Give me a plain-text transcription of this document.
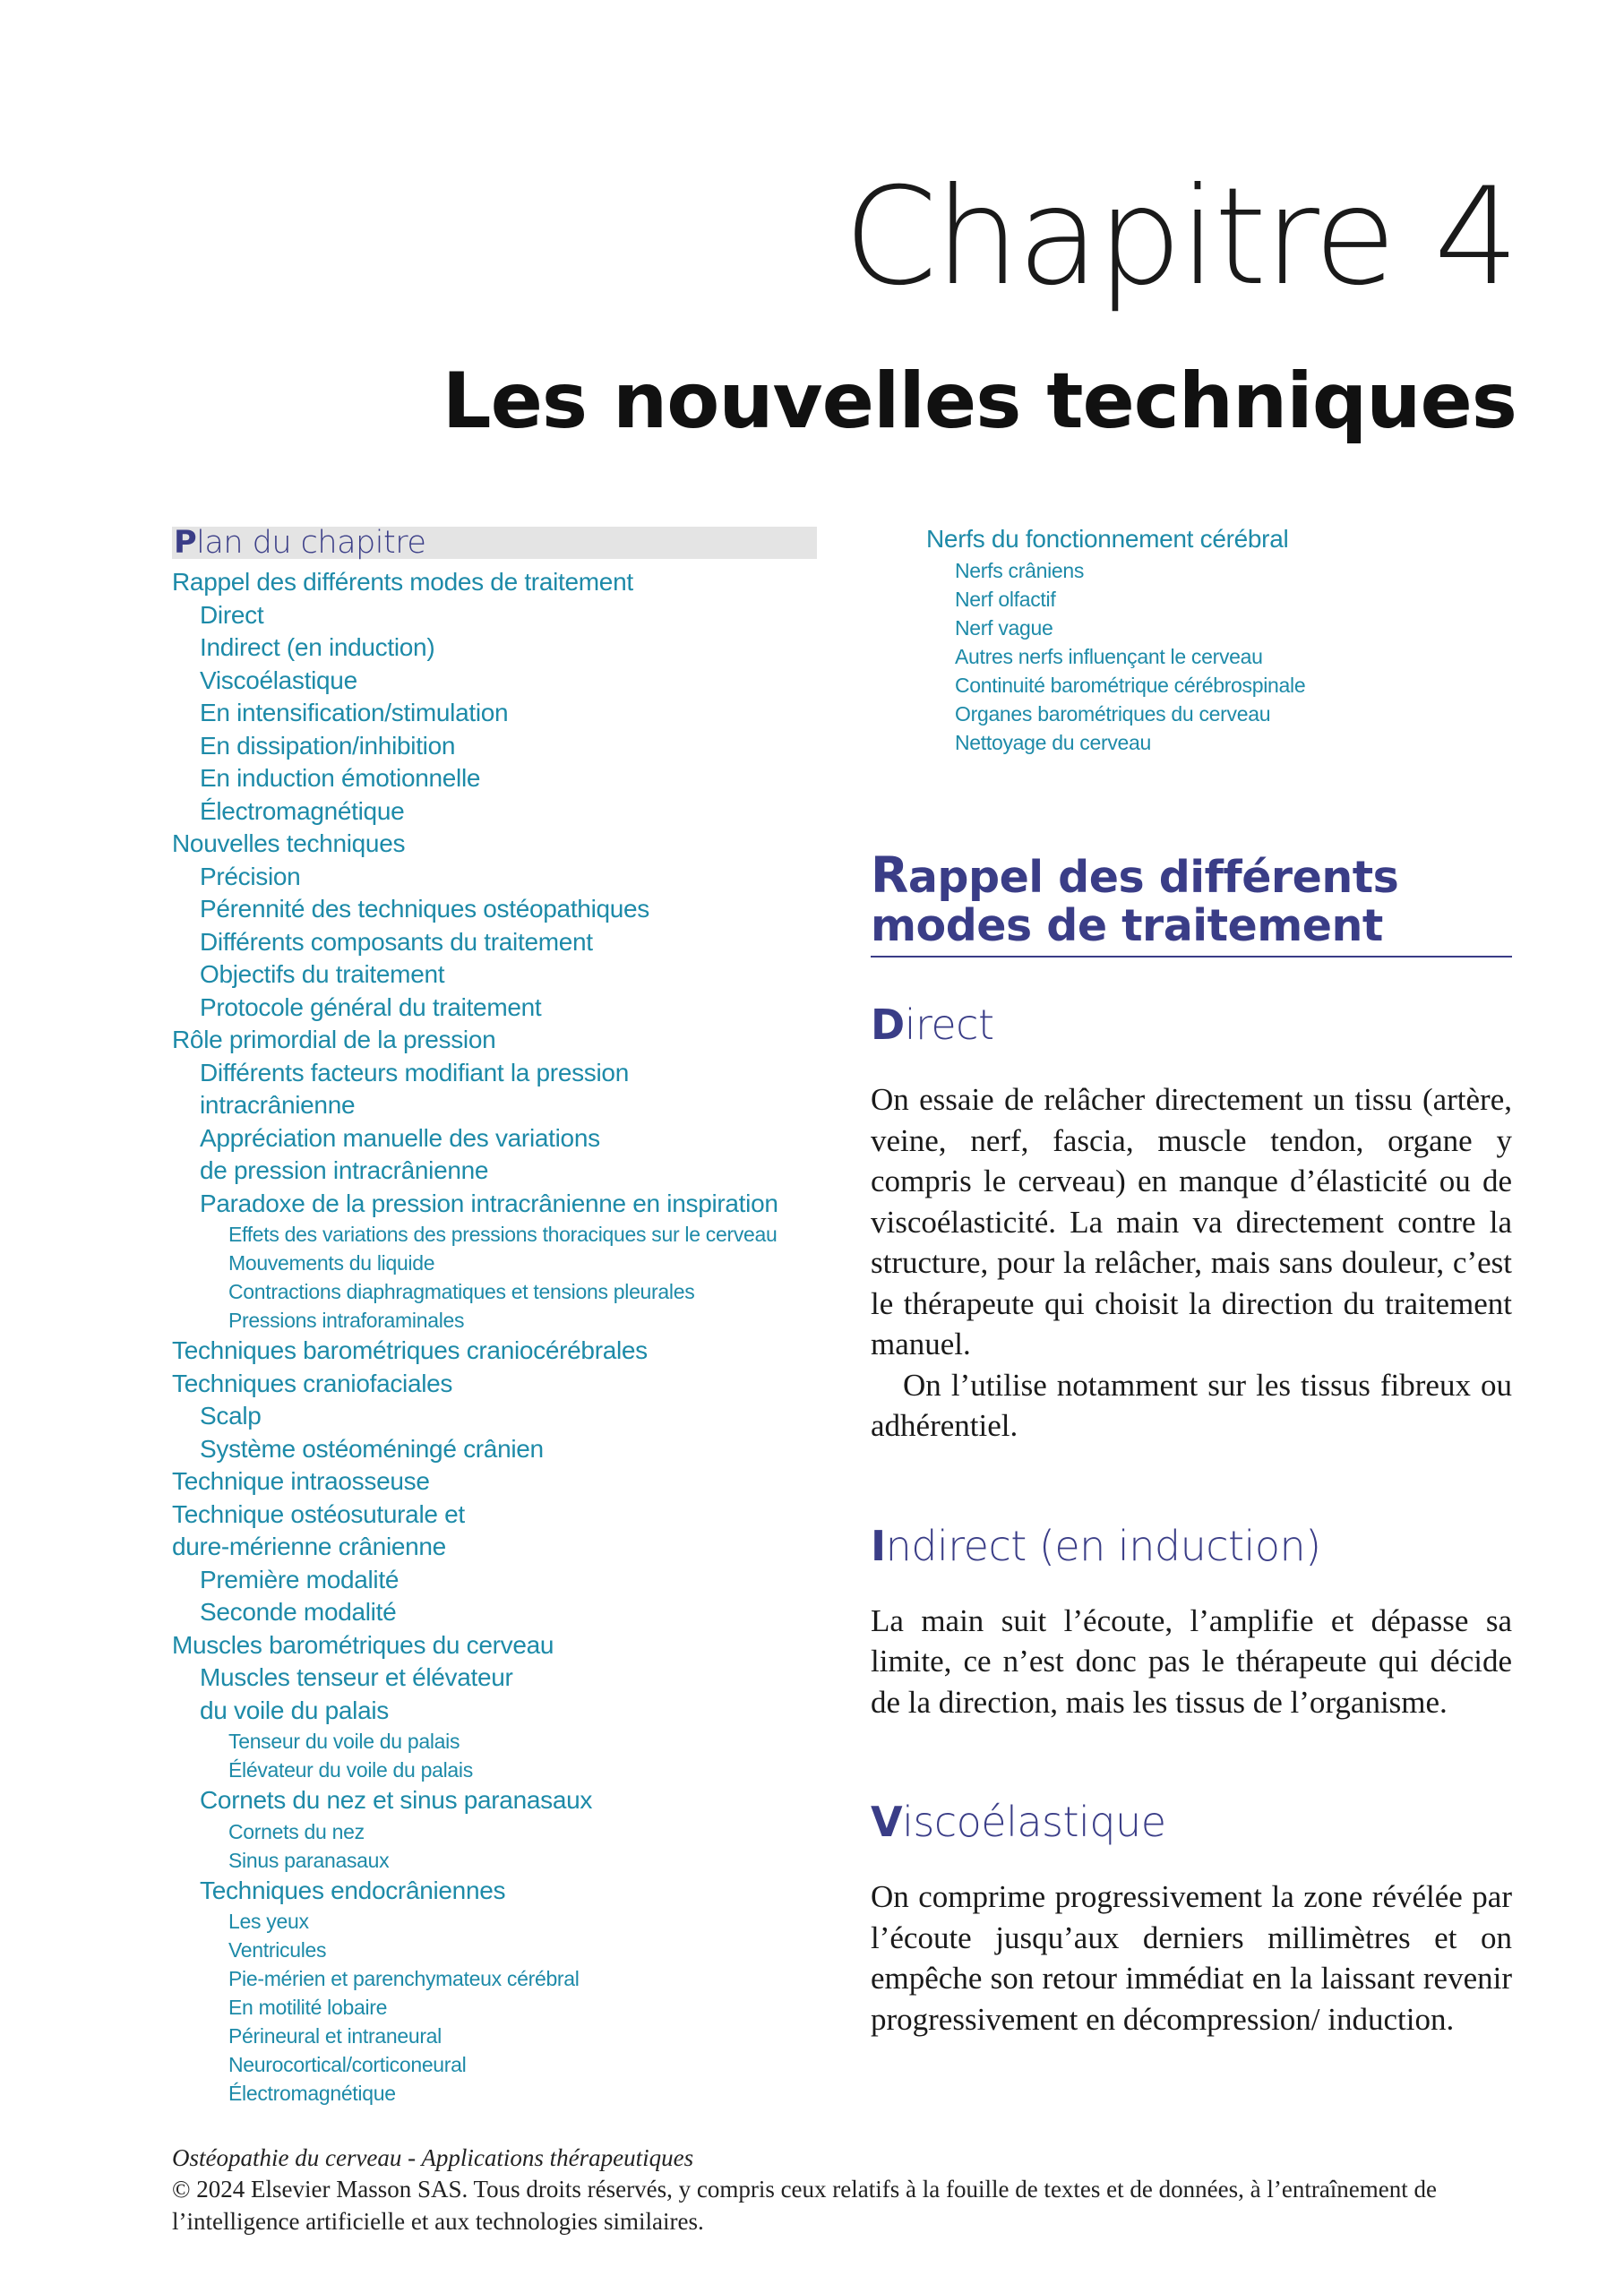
Chapitre 4
Les nouvelles techniques
Plan du chapitre
Rappel des différents modes de traitement
Direct
Indirect (en induction)
Viscoélastique
En intensification/stimulation
En dissipation/inhibition
En induction émotionnelle
Électromagnétique
Nouvelles techniques
Précision
Pérennité des techniques ostéopathiques
Différents composants du traitement
Objectifs du traitement
Protocole général du traitement
Rôle primordial de la pression
Différents facteurs modifiant la pression
intracrânienne
Appréciation manuelle des variations
de pression intracrânienne
Paradoxe de la pression intracrânienne en inspiration
Effets des variations des pressions thoraciques sur le cerveau
Mouvements du liquide
Contractions diaphragmatiques et tensions pleurales
Pressions intraforaminales
Techniques barométriques craniocérébrales
Techniques craniofaciales
Scalp
Système ostéoméningé crânien
Technique intraosseuse
Technique ostéosuturale et
dure-mérienne crânienne
Première modalité
Seconde modalité
Muscles barométriques du cerveau
Muscles tenseur et élévateur
du voile du palais
Tenseur du voile du palais
Élévateur du voile du palais
Cornets du nez et sinus paranasaux
Cornets du nez
Sinus paranasaux
Techniques endocrâniennes
Les yeux
Ventricules
Pie-mérien et parenchymateux cérébral
En motilité lobaire
Périneural et intraneural
Neurocortical/corticoneural
Électromagnétique
Nerfs du fonctionnement cérébral
Nerfs crâniens
Nerf olfactif
Nerf vague
Autres nerfs influençant le cerveau
Continuité barométrique cérébrospinale
Organes barométriques du cerveau
Nettoyage du cerveau
Rappel des différents
modes de traitement
Direct

On essaie de relâcher directement un tissu (artère, veine, nerf, fascia, muscle tendon, organe y compris le cerveau) en manque d’élasticité ou de viscoélasticité. La main va directement contre la structure, pour la relâcher, mais sans douleur, c’est le thérapeute qui choisit la direction du traitement manuel.

On l’utilise notamment sur les tissus fibreux ou adhérentiel.

Indirect (en induction)

La main suit l’écoute, l’amplifie et dépasse sa limite, ce n’est donc pas le thérapeute qui décide de la direction, mais les tissus de l’organisme.

Viscoélastique

On comprime progressivement la zone révélée par l’écoute jusqu’aux derniers millimètres et on empêche son retour immédiat en la laissant revenir progressivement en décompression/ induction.

Ostéopathie du cerveau - Applications thérapeutiques
© 2024 Elsevier Masson SAS. Tous droits réservés, y compris ceux relatifs à la fouille de textes et de données, à l’entraînement de l’intelligence artificielle et aux technologies similaires.
